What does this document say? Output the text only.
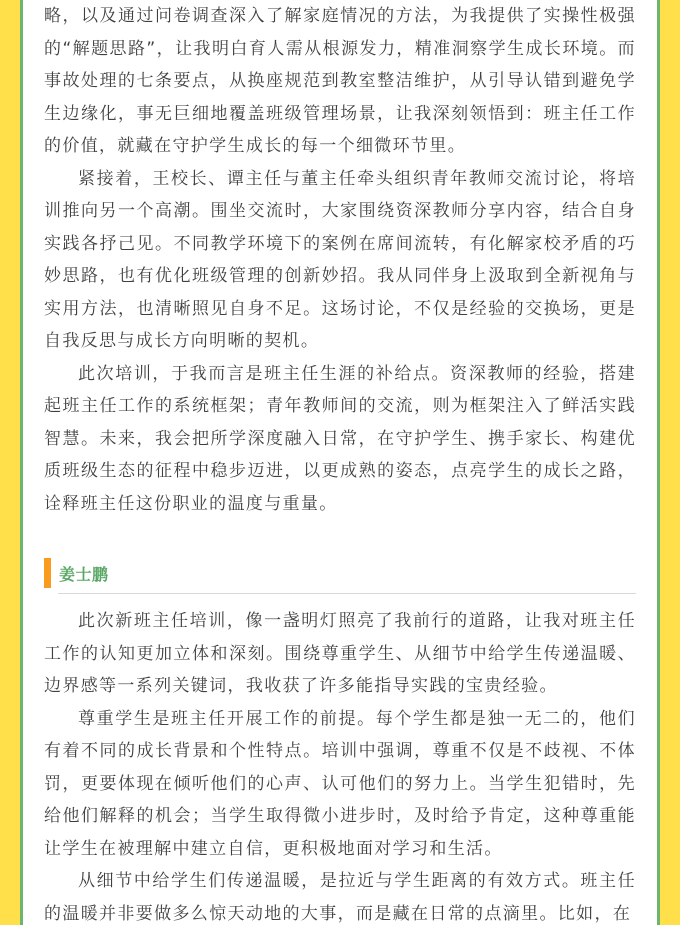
略，以及通过问卷调查深入了解家庭情况的方法，为我提供了实操性极强的“解题思路”，让我明白育人需从根源发力，精准洞察学生成长环境。而事故处理的七条要点，从换座规范到教室整洁维护，从引导认错到避免学生边缘化，事无巨细地覆盖班级管理场景，让我深刻领悟到：班主任工作的价值，就藏在守护学生成长的每一个细微环节里。

紧接着，王校长、谭主任与董主任牵头组织青年教师交流讨论，将培训推向另一个高潮。围坐交流时，大家围绕资深教师分享内容，结合自身实践各抒己见。不同教学环境下的案例在席间流转，有化解家校矛盾的巧妙思路，也有优化班级管理的创新妙招。我从同伴身上汲取到全新视角与实用方法，也清晰照见自身不足。这场讨论，不仅是经验的交换场，更是自我反思与成长方向明晰的契机。

此次培训，于我而言是班主任生涯的补给点。资深教师的经验，搭建起班主任工作的系统框架；青年教师间的交流，则为框架注入了鲜活实践智慧。未来，我会把所学深度融入日常，在守护学生、携手家长、构建优质班级生态的征程中稳步迈进，以更成熟的姿态，点亮学生的成长之路，诠释班主任这份职业的温度与重量。

姜士鹏

此次新班主任培训，像一盏明灯照亮了我前行的道路，让我对班主任工作的认知更加立体和深刻。围绕尊重学生、从细节中给学生传递温暖、边界感等一系列关键词，我收获了许多能指导实践的宝贵经验。

尊重学生是班主任开展工作的前提。每个学生都是独一无二的，他们有着不同的成长背景和个性特点。培训中强调，尊重不仅是不歧视、不体罚，更要体现在倾听他们的心声、认可他们的努力上。当学生犯错时，先给他们解释的机会；当学生取得微小进步时，及时给予肯定，这种尊重能让学生在被理解中建立自信，更积极地面对学习和生活。

从细节中给学生们传递温暖，是拉近与学生距离的有效方式。班主任的温暖并非要做多么惊天动地的大事，而是藏在日常的点滴里。比如，在
